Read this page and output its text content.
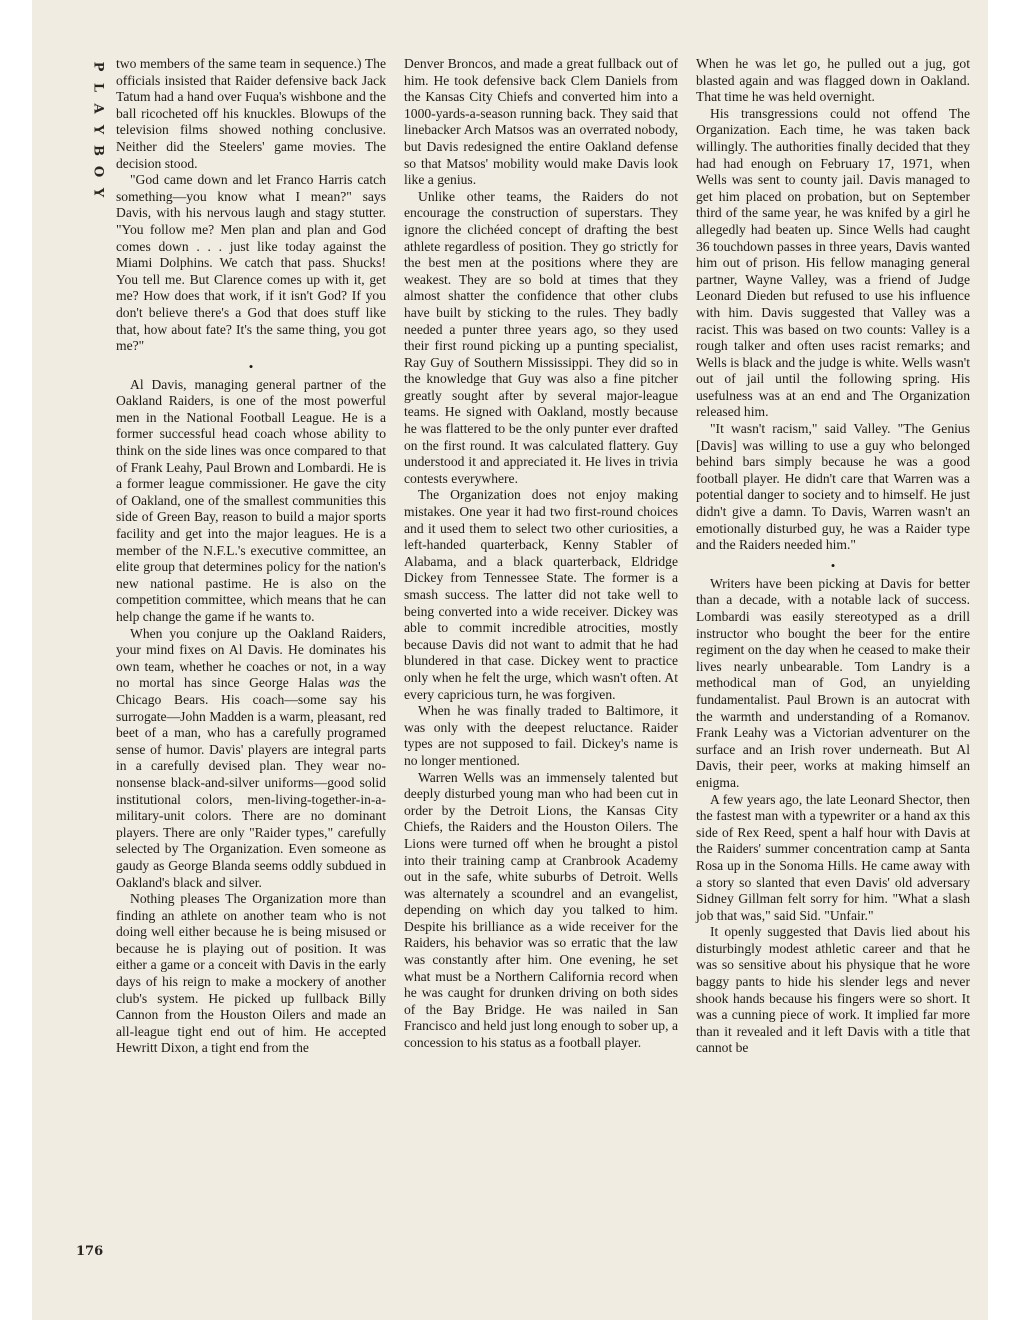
P
L
A
Y
B
O
Y
176

two members of the same team in sequence.) The officials insisted that Raider defensive back Jack Tatum had a hand over Fuqua's wishbone and the ball ricocheted off his knuckles. Blowups of the television films showed nothing conclusive. Neither did the Steelers' game movies. The decision stood.

"God came down and let Franco Harris catch something—you know what I mean?" says Davis, with his nervous laugh and stagy stutter. "You follow me? Men plan and plan and God comes down . . . just like today against the Miami Dolphins. We catch that pass. Shucks! You tell me. But Clarence comes up with it, get me? How does that work, if it isn't God? If you don't believe there's a God that does stuff like that, how about fate? It's the same thing, you got me?"

•

Al Davis, managing general partner of the Oakland Raiders, is one of the most powerful men in the National Football League. He is a former successful head coach whose ability to think on the side lines was once compared to that of Frank Leahy, Paul Brown and Lombardi. He is a former league commissioner. He gave the city of Oakland, one of the smallest communities this side of Green Bay, reason to build a major sports facility and get into the major leagues. He is a member of the N.F.L.'s executive committee, an elite group that determines policy for the nation's new national pastime. He is also on the competition committee, which means that he can help change the game if he wants to.

When you conjure up the Oakland Raiders, your mind fixes on Al Davis. He dominates his own team, whether he coaches or not, in a way no mortal has since George Halas was the Chicago Bears. His coach—some say his surrogate—John Madden is a warm, pleasant, red beet of a man, who has a carefully programed sense of humor. Davis' players are integral parts in a carefully devised plan. They wear no-nonsense black-and-silver uniforms—good solid institutional colors, men-living-together-in-a-military-unit colors. There are no dominant players. There are only "Raider types," carefully selected by The Organization. Even someone as gaudy as George Blanda seems oddly subdued in Oakland's black and silver.

Nothing pleases The Organization more than finding an athlete on another team who is not doing well either because he is being misused or because he is playing out of position. It was either a game or a conceit with Davis in the early days of his reign to make a mockery of another club's system. He picked up fullback Billy Cannon from the Houston Oilers and made an all-league tight end out of him. He accepted Hewritt Dixon, a tight end from the

Denver Broncos, and made a great fullback out of him. He took defensive back Clem Daniels from the Kansas City Chiefs and converted him into a 1000-yards-a-season running back. They said that linebacker Arch Matsos was an overrated nobody, but Davis redesigned the entire Oakland defense so that Matsos' mobility would make Davis look like a genius.

Unlike other teams, the Raiders do not encourage the construction of superstars. They ignore the clichéed concept of drafting the best athlete regardless of position. They go strictly for the best men at the positions where they are weakest. They are so bold at times that they almost shatter the confidence that other clubs have built by sticking to the rules. They badly needed a punter three years ago, so they used their first round picking up a punting specialist, Ray Guy of Southern Mississippi. They did so in the knowledge that Guy was also a fine pitcher greatly sought after by several major-league teams. He signed with Oakland, mostly because he was flattered to be the only punter ever drafted on the first round. It was calculated flattery. Guy understood it and appreciated it. He lives in trivia contests everywhere.

The Organization does not enjoy making mistakes. One year it had two first-round choices and it used them to select two other curiosities, a left-handed quarterback, Kenny Stabler of Alabama, and a black quarterback, Eldridge Dickey from Tennessee State. The former is a smash success. The latter did not take well to being converted into a wide receiver. Dickey was able to commit incredible atrocities, mostly because Davis did not want to admit that he had blundered in that case. Dickey went to practice only when he felt the urge, which wasn't often. At every capricious turn, he was forgiven.

When he was finally traded to Baltimore, it was only with the deepest reluctance. Raider types are not supposed to fail. Dickey's name is no longer mentioned.

Warren Wells was an immensely talented but deeply disturbed young man who had been cut in order by the Detroit Lions, the Kansas City Chiefs, the Raiders and the Houston Oilers. The Lions were turned off when he brought a pistol into their training camp at Cranbrook Academy out in the safe, white suburbs of Detroit. Wells was alternately a scoundrel and an evangelist, depending on which day you talked to him. Despite his brilliance as a wide receiver for the Raiders, his behavior was so erratic that the law was constantly after him. One evening, he set what must be a Northern California record when he was caught for drunken driving on both sides of the Bay Bridge. He was nailed in San Francisco and held just long enough to sober up, a concession to his status as a football player.

When he was let go, he pulled out a jug, got blasted again and was flagged down in Oakland. That time he was held overnight.

His transgressions could not offend The Organization. Each time, he was taken back willingly. The authorities finally decided that they had had enough on February 17, 1971, when Wells was sent to county jail. Davis managed to get him placed on probation, but on September third of the same year, he was knifed by a girl he allegedly had beaten up. Since Wells had caught 36 touchdown passes in three years, Davis wanted him out of prison. His fellow managing general partner, Wayne Valley, was a friend of Judge Leonard Dieden but refused to use his influence with him. Davis suggested that Valley was a racist. This was based on two counts: Valley is a rough talker and often uses racist remarks; and Wells is black and the judge is white. Wells wasn't out of jail until the following spring. His usefulness was at an end and The Organization released him.

"It wasn't racism," said Valley. "The Genius [Davis] was willing to use a guy who belonged behind bars simply because he was a good football player. He didn't care that Warren was a potential danger to society and to himself. He just didn't give a damn. To Davis, Warren wasn't an emotionally disturbed guy, he was a Raider type and the Raiders needed him."

•

Writers have been picking at Davis for better than a decade, with a notable lack of success. Lombardi was easily stereotyped as a drill instructor who bought the beer for the entire regiment on the day when he ceased to make their lives nearly unbearable. Tom Landry is a methodical man of God, an unyielding fundamentalist. Paul Brown is an autocrat with the warmth and understanding of a Romanov. Frank Leahy was a Victorian adventurer on the surface and an Irish rover underneath. But Al Davis, their peer, works at making himself an enigma.

A few years ago, the late Leonard Shector, then the fastest man with a typewriter or a hand ax this side of Rex Reed, spent a half hour with Davis at the Raiders' summer concentration camp at Santa Rosa up in the Sonoma Hills. He came away with a story so slanted that even Davis' old adversary Sidney Gillman felt sorry for him. "What a slash job that was," said Sid. "Unfair."

It openly suggested that Davis lied about his disturbingly modest athletic career and that he was so sensitive about his physique that he wore baggy pants to hide his slender legs and never shook hands because his fingers were so short. It was a cunning piece of work. It implied far more than it revealed and it left Davis with a title that cannot be
